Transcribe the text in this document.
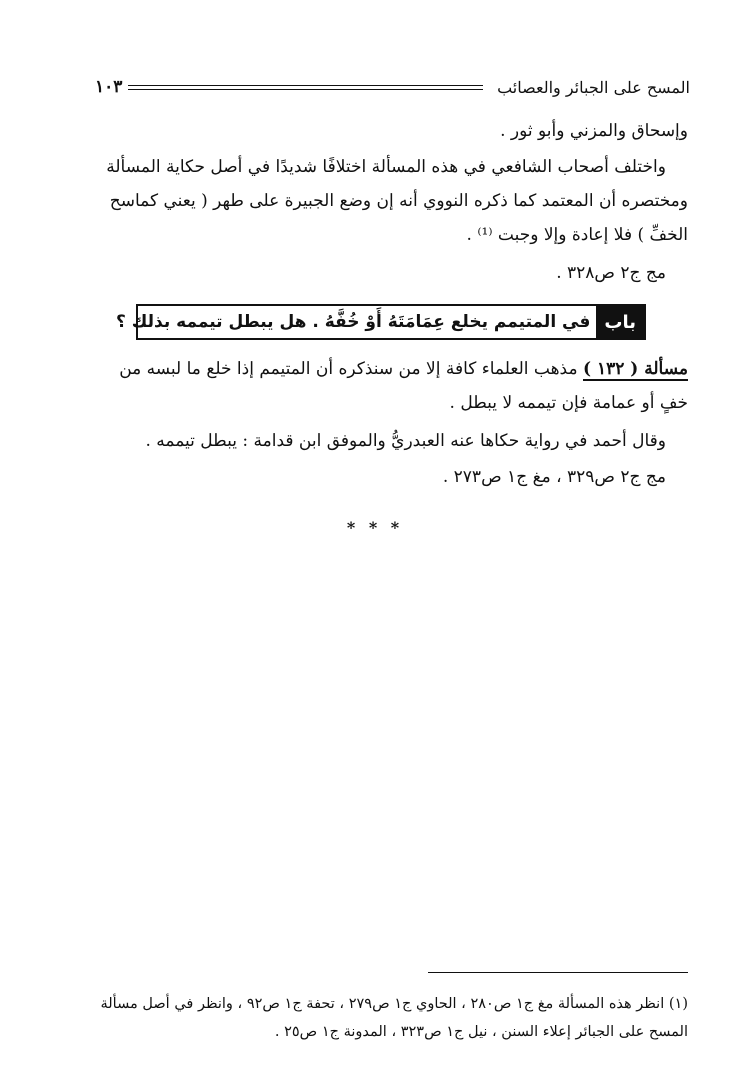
المسح على الجبائر والعصائب
١٠٣
وإسحاق والمزني وأبو ثور .
واختلف أصحاب الشافعي في هذه المسألة اختلافًا شديدًا في أصل حكاية المسألة ومختصره أن المعتمد كما ذكره النووي أنه إن وضع الجبيرة على طهر ( يعني كماسح الخفِّ ) فلا إعادة وإلا وجبت ⁽¹⁾ .
مج ج٢ ص٣٢٨ .
باب
في المتيمم يخلع عِمَامَتَهُ أَوْ خُفَّهُ . هل يبطل تيممه بذلك ؟
مسألة ( ١٣٢ ) مذهب العلماء كافة إلا من سنذكره أن المتيمم إذا خلع ما لبسه من خفٍ أو عمامة فإن تيممه لا يبطل .
وقال أحمد في رواية حكاها عنه العبدريُّ والموفق ابن قدامة : يبطل تيممه .
مج ج٢ ص٣٢٩ ، مغ ج١ ص٢٧٣ .
* * *
(١) انظر هذه المسألة مغ ج١ ص٢٨٠ ، الحاوي ج١ ص٢٧٩ ، تحفة ج١ ص٩٢ ، وانظر في أصل مسألة المسح على الجبائر إعلاء السنن ، نيل ج١ ص٣٢٣ ، المدونة ج١ ص٢٥ .
